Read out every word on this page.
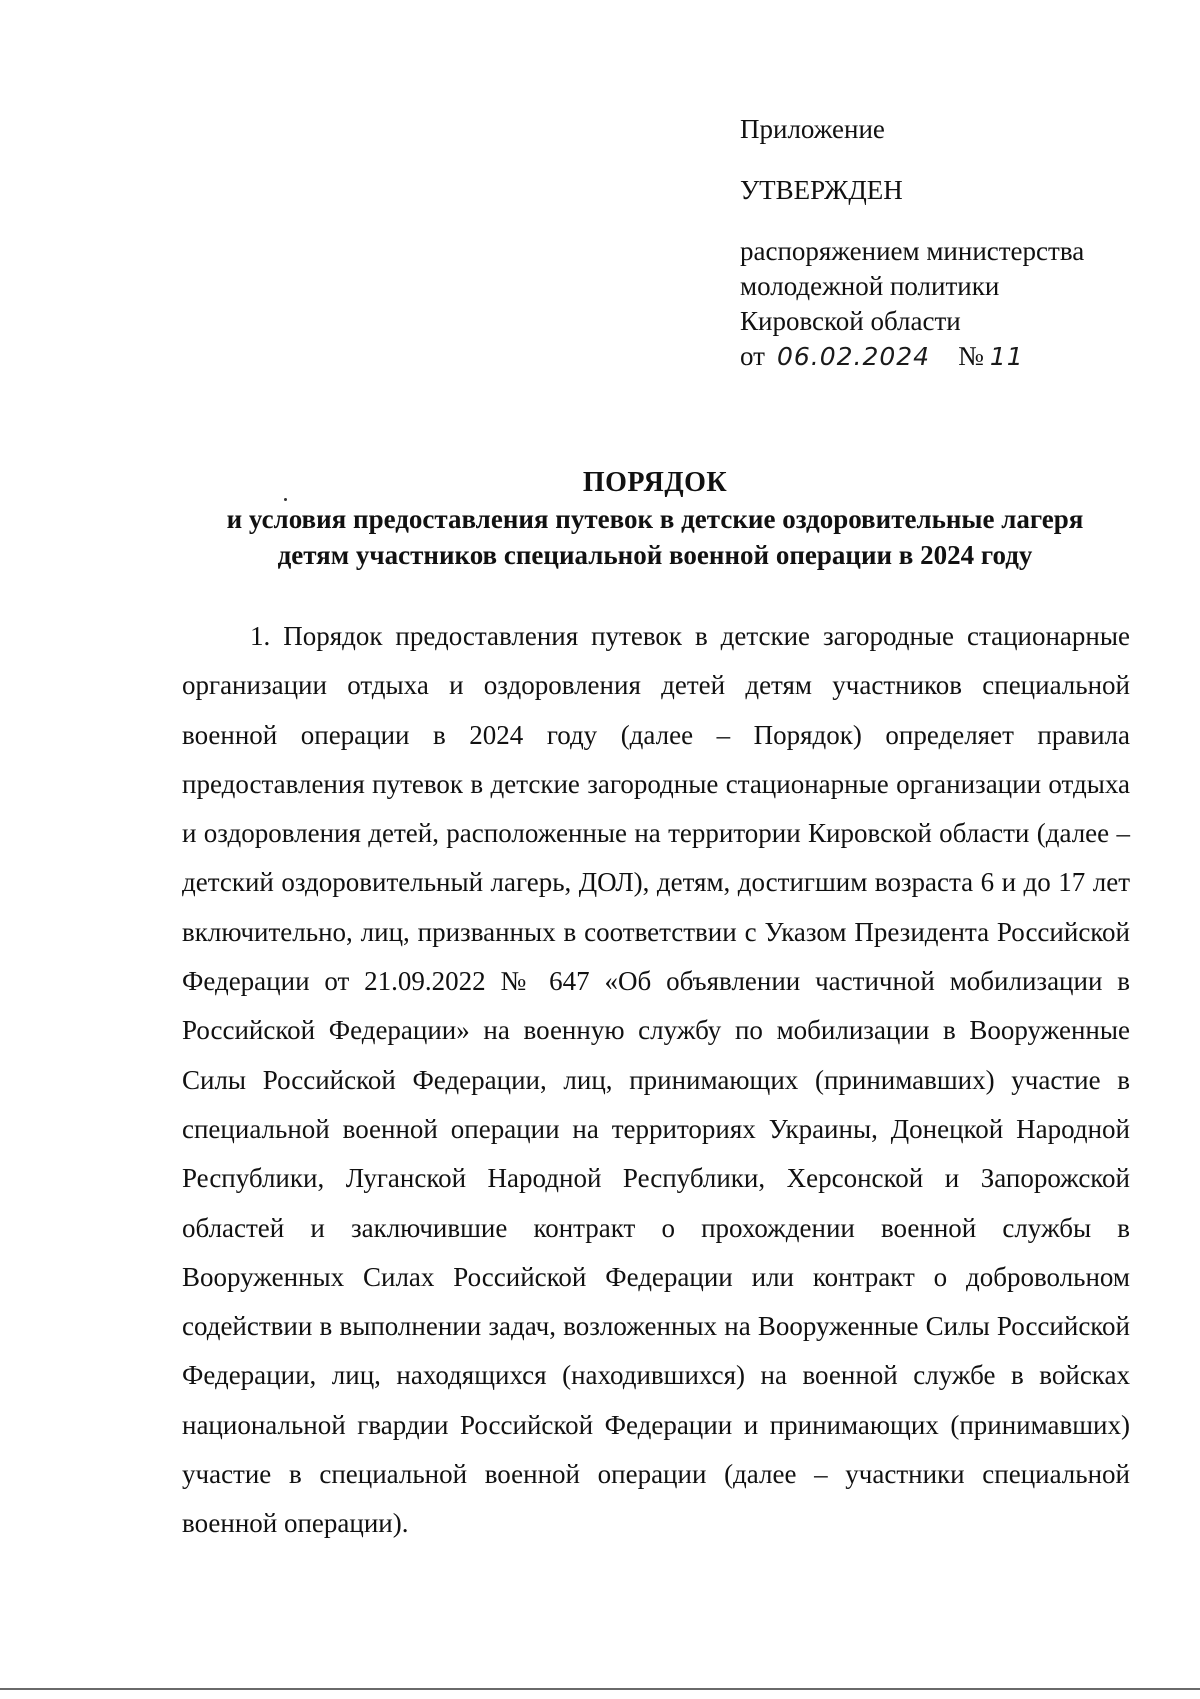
Приложение
УТВЕРЖДЕН
распоряжением министерства
молодежной политики
Кировской области
от 06.02.2024 № 11
ПОРЯДОК
и условия предоставления путевок в детские оздоровительные лагеря
детям участников специальной военной операции в 2024 году

1. Порядок предоставления путевок в детские загородные стационарные организации отдыха и оздоровления детей детям участников специальной военной операции в 2024 году (далее – Порядок) определяет правила предоставления путевок в детские загородные стационарные организации отдыха и оздоровления детей, расположенные на территории Кировской области (далее – детский оздоровительный лагерь, ДОЛ), детям, достигшим возраста 6 и до 17 лет включительно, лиц, призванных в соответствии с Указом Президента Российской Федерации от 21.09.2022 № 647 «Об объявлении частичной мобилизации в Российской Федерации» на военную службу по мобилизации в Вооруженные Силы Российской Федерации, лиц, принимающих (принимавших) участие в специальной военной операции на территориях Украины, Донецкой Народной Республики, Луганской Народной Республики, Херсонской и Запорожской областей и заключившие контракт о прохождении военной службы в Вооруженных Силах Российской Федерации или контракт о добровольном содействии в выполнении задач, возложенных на Вооруженные Силы Российской Федерации, лиц, находящихся (находившихся) на военной службе в войсках национальной гвардии Российской Федерации и принимающих (принимавших) участие в специальной военной операции (далее – участники специальной военной операции).
